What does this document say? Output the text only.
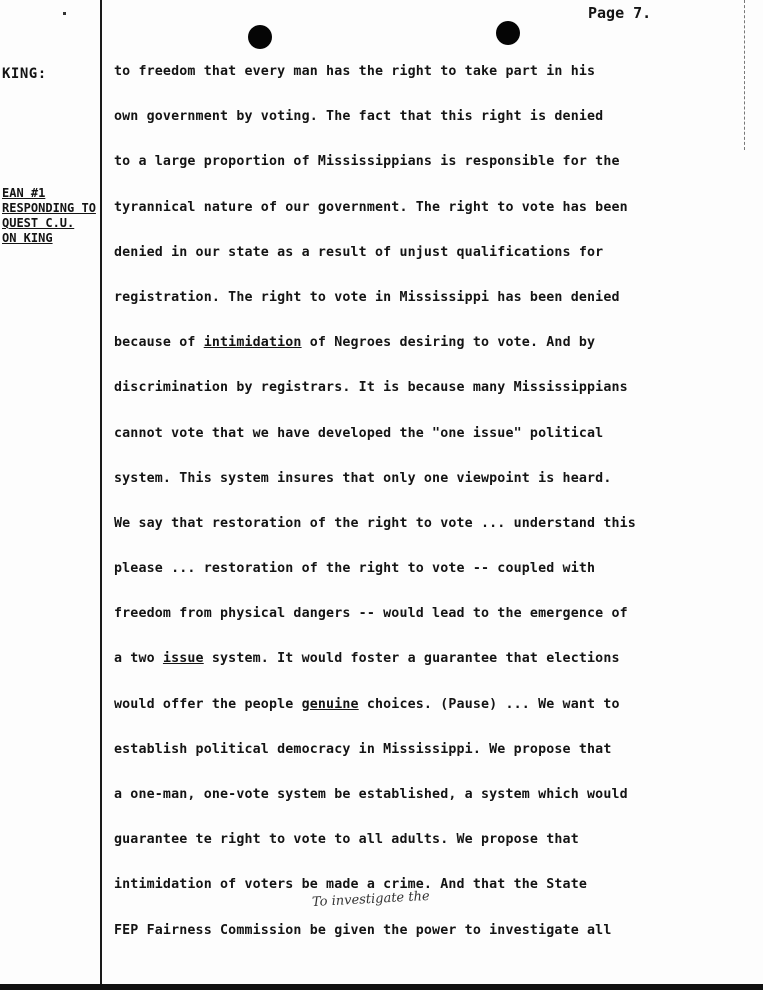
Page 7.
KING:
EAN #1
RESPONDING TO
QUEST C.U.
ON KING
to freedom that every man has the right to take part in his
own government by voting. The fact that this right is denied
to a large proportion of Mississippians is responsible for the
tyrannical nature of our government. The right to vote has been
denied in our state as a result of unjust qualifications for
registration. The right to vote in Mississippi has been denied
because of intimidation of Negroes desiring to vote. And by
discrimination by registrars. It is because many Mississippians
cannot vote that we have developed the "one issue" political
system. This system insures that only one viewpoint is heard.
We say that restoration of the right to vote ... understand this
please ... restoration of the right to vote -- coupled with
freedom from physical dangers -- would lead to the emergence of
a two issue system. It would foster a guarantee that elections
would offer the people genuine choices. (Pause) ... We want to
establish political democracy in Mississippi. We propose that
a one-man, one-vote system be established, a system which would
guarantee te right to vote to all adults. We propose that
intimidation of voters be made a crime. And that the State
FEP Fairness Commission be given the power to investigate all
To investigate the
